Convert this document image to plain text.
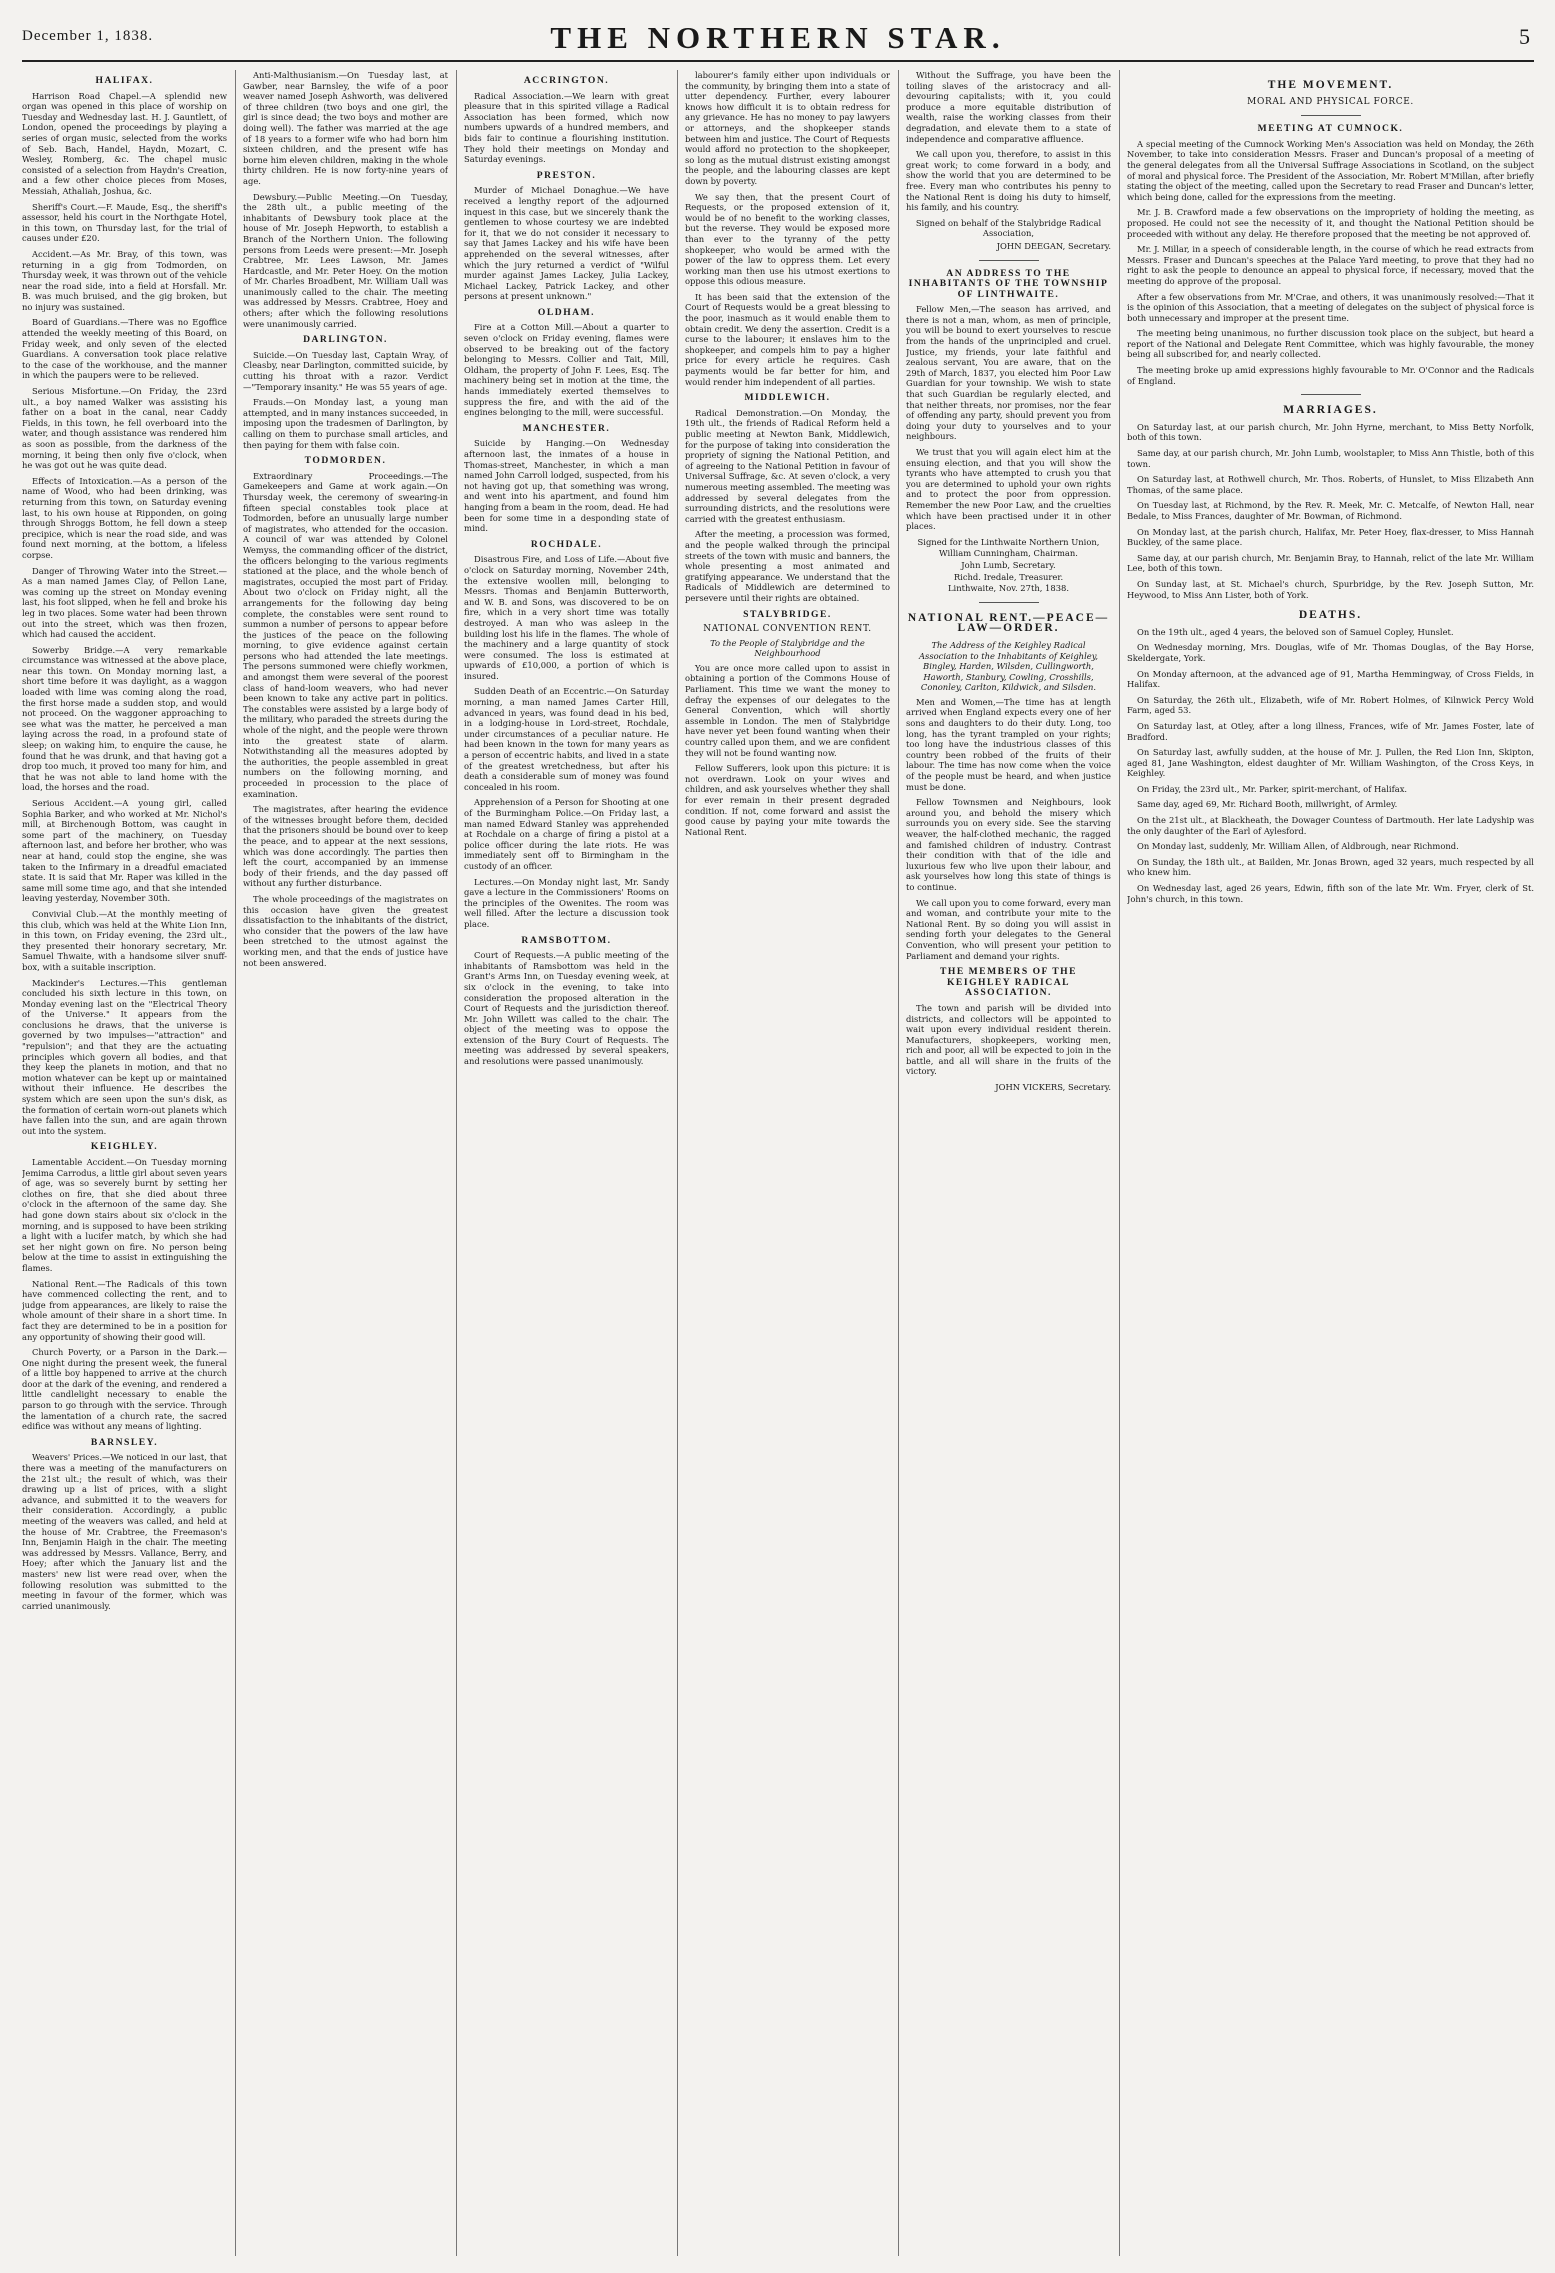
December 1, 1838.	THE NORTHERN STAR.	5
HALIFAX.

Harrison Road Chapel.—A splendid new organ was opened in this place of worship on Tuesday and Wednesday last. H. J. Gauntlett, of London, opened the proceedings by playing a series of organ music, selected from the works of Seb. Bach, Handel, Haydn, Mozart, C. Wesley, Romberg, &c. The chapel music consisted of a selection from Haydn's Creation, and a few other choice pieces from Moses, Messiah, Athaliah, Joshua, &c.

Sheriff's Court.—F. Maude, Esq., the sheriff's assessor, held his court in the Northgate Hotel, in this town, on Thursday last, for the trial of causes under £20.

Accident.—As Mr. Bray, of this town, was returning in a gig from Todmorden, on Thursday week, it was thrown out of the vehicle near the road side, into a field at Horsfall. Mr. B. was much bruised, and the gig broken, but no injury was sustained.

Board of Guardians.—There was no Egoffice attended the weekly meeting of this Board, on Friday week, and only seven of the elected Guardians. A conversation took place relative to the case of the workhouse, and the manner in which the paupers were to be relieved.

Serious Misfortune.—On Friday, the 23rd ult., a boy named Walker was assisting his father on a boat in the canal, near Caddy Fields, in this town, he fell overboard into the water, and though assistance was rendered him as soon as possible, from the darkness of the morning, it being then only five o'clock, when he was got out he was quite dead.

Effects of Intoxication.—As a person of the name of Wood, who had been drinking, was returning from this town, on Saturday evening last, to his own house at Ripponden, on going through Shroggs Bottom, he fell down a steep precipice, which is near the road side, and was found next morning, at the bottom, a lifeless corpse.

Danger of Throwing Water into the Street.—As a man named James Clay, of Pellon Lane, was coming up the street on Monday evening last, his foot slipped, when he fell and broke his leg in two places. Some water had been thrown out into the street, which was then frozen, which had caused the accident.

Sowerby Bridge.—A very remarkable circumstance was witnessed at the above place, near this town. On Monday morning last, a short time before it was daylight, as a waggon loaded with lime was coming along the road, the first horse made a sudden stop, and would not proceed. On the waggoner approaching to see what was the matter, he perceived a man laying across the road, in a profound state of sleep; on waking him, to enquire the cause, he found that he was drunk, and that having got a drop too much, it proved too many for him, and that he was not able to land home with the load, the horses and the road.

Serious Accident.—A young girl, called Sophia Barker, and who worked at Mr. Nichol's mill, at Birchenough Bottom, was caught in some part of the machinery, on Tuesday afternoon last, and before her brother, who was near at hand, could stop the engine, she was taken to the Infirmary in a dreadful emaciated state. It is said that Mr. Raper was killed in the same mill some time ago, and that she intended leaving yesterday, November 30th.

Convivial Club.—At the monthly meeting of this club, which was held at the White Lion Inn, in this town, on Friday evening, the 23rd ult., they presented their honorary secretary, Mr. Samuel Thwaite, with a handsome silver snuff-box, with a suitable inscription.

Mackinder's Lectures.—This gentleman concluded his sixth lecture in this town, on Monday evening last on the "Electrical Theory of the Universe." It appears from the conclusions he draws, that the universe is governed by two impulses—"attraction" and "repulsion"; and that they are the actuating principles which govern all bodies, and that they keep the planets in motion, and that no motion whatever can be kept up or maintained without their influence. He describes the system which are seen upon the sun's disk, as the formation of certain worn-out planets which have fallen into the sun, and are again thrown out into the system.

KEIGHLEY.

Lamentable Accident.—On Tuesday morning Jemima Carrodus, a little girl about seven years of age, was so severely burnt by setting her clothes on fire, that she died about three o'clock in the afternoon of the same day. She had gone down stairs about six o'clock in the morning, and is supposed to have been striking a light with a lucifer match, by which she had set her night gown on fire. No person being below at the time to assist in extinguishing the flames.

National Rent.—The Radicals of this town have commenced collecting the rent, and to judge from appearances, are likely to raise the whole amount of their share in a short time. In fact they are determined to be in a position for any opportunity of showing their good will.

Church Poverty, or a Parson in the Dark.—One night during the present week, the funeral of a little boy happened to arrive at the church door at the dark of the evening, and rendered a little candlelight necessary to enable the parson to go through with the service. Through the lamentation of a church rate, the sacred edifice was without any means of lighting.

BARNSLEY.

Weavers' Prices.—We noticed in our last, that there was a meeting of the manufacturers on the 21st ult.; the result of which, was their drawing up a list of prices, with a slight advance, and submitted it to the weavers for their consideration. Accordingly, a public meeting of the weavers was called, and held at the house of Mr. Crabtree, the Freemason's Inn, Benjamin Haigh in the chair. The meeting was addressed by Messrs. Vallance, Berry, and Hoey; after which the January list and the masters' new list were read over, when the following resolution was submitted to the meeting in favour of the former, which was carried unanimously.

Anti-Malthusianism.—On Tuesday last, at Gawber, near Barnsley, the wife of a poor weaver named Joseph Ashworth, was delivered of three children (two boys and one girl, the girl is since dead; the two boys and mother are doing well). The father was married at the age of 18 years to a former wife who had born him sixteen children, and the present wife has borne him eleven children, making in the whole thirty children. He is now forty-nine years of age.

Dewsbury.—Public Meeting.—On Tuesday, the 28th ult., a public meeting of the inhabitants of Dewsbury took place at the house of Mr. Joseph Hepworth, to establish a Branch of the Northern Union. The following persons from Leeds were present:—Mr. Joseph Crabtree, Mr. Lees Lawson, Mr. James Hardcastle, and Mr. Peter Hoey. On the motion of Mr. Charles Broadbent, Mr. William Uall was unanimously called to the chair. The meeting was addressed by Messrs. Crabtree, Hoey and others; after which the following resolutions were unanimously carried.

DARLINGTON.

Suicide.—On Tuesday last, Captain Wray, of Cleasby, near Darlington, committed suicide, by cutting his throat with a razor. Verdict—"Temporary insanity." He was 55 years of age.

Frauds.—On Monday last, a young man attempted, and in many instances succeeded, in imposing upon the tradesmen of Darlington, by calling on them to purchase small articles, and then paying for them with false coin.

TODMORDEN.

Extraordinary Proceedings.—The Gamekeepers and Game at work again.—On Thursday week, the ceremony of swearing-in fifteen special constables took place at Todmorden, before an unusually large number of magistrates, who attended for the occasion. A council of war was attended by Colonel Wemyss, the commanding officer of the district, the officers belonging to the various regiments stationed at the place, and the whole bench of magistrates, occupied the most part of Friday. About two o'clock on Friday night, all the arrangements for the following day being complete, the constables were sent round to summon a number of persons to appear before the justices of the peace on the following morning, to give evidence against certain persons who had attended the late meetings. The persons summoned were chiefly workmen, and amongst them were several of the poorest class of hand-loom weavers, who had never been known to take any active part in politics. The constables were assisted by a large body of the military, who paraded the streets during the whole of the night, and the people were thrown into the greatest state of alarm. Notwithstanding all the measures adopted by the authorities, the people assembled in great numbers on the following morning, and proceeded in procession to the place of examination.

The magistrates, after hearing the evidence of the witnesses brought before them, decided that the prisoners should be bound over to keep the peace, and to appear at the next sessions, which was done accordingly. The parties then left the court, accompanied by an immense body of their friends, and the day passed off without any further disturbance.

The whole proceedings of the magistrates on this occasion have given the greatest dissatisfaction to the inhabitants of the district, who consider that the powers of the law have been stretched to the utmost against the working men, and that the ends of justice have not been answered.

ACCRINGTON.

Radical Association.—We learn with great pleasure that in this spirited village a Radical Association has been formed, which now numbers upwards of a hundred members, and bids fair to continue a flourishing institution. They hold their meetings on Monday and Saturday evenings.

PRESTON.

Murder of Michael Donaghue.—We have received a lengthy report of the adjourned inquest in this case, but we sincerely thank the gentlemen to whose courtesy we are indebted for it, that we do not consider it necessary to say that James Lackey and his wife have been apprehended on the several witnesses, after which the jury returned a verdict of "Wilful murder against James Lackey, Julia Lackey, Michael Lackey, Patrick Lackey, and other persons at present unknown."

OLDHAM.

Fire at a Cotton Mill.—About a quarter to seven o'clock on Friday evening, flames were observed to be breaking out of the factory belonging to Messrs. Collier and Tait, Mill, Oldham, the property of John F. Lees, Esq. The machinery being set in motion at the time, the hands immediately exerted themselves to suppress the fire, and with the aid of the engines belonging to the mill, were successful.

MANCHESTER.

Suicide by Hanging.—On Wednesday afternoon last, the inmates of a house in Thomas-street, Manchester, in which a man named John Carroll lodged, suspected, from his not having got up, that something was wrong, and went into his apartment, and found him hanging from a beam in the room, dead. He had been for some time in a desponding state of mind.

ROCHDALE.

Disastrous Fire, and Loss of Life.—About five o'clock on Saturday morning, November 24th, the extensive woollen mill, belonging to Messrs. Thomas and Benjamin Butterworth, and W. B. and Sons, was discovered to be on fire, which in a very short time was totally destroyed. A man who was asleep in the building lost his life in the flames. The whole of the machinery and a large quantity of stock were consumed. The loss is estimated at upwards of £10,000, a portion of which is insured.

Sudden Death of an Eccentric.—On Saturday morning, a man named James Carter Hill, advanced in years, was found dead in his bed, in a lodging-house in Lord-street, Rochdale, under circumstances of a peculiar nature. He had been known in the town for many years as a person of eccentric habits, and lived in a state of the greatest wretchedness, but after his death a considerable sum of money was found concealed in his room.

Apprehension of a Person for Shooting at one of the Burmingham Police.—On Friday last, a man named Edward Stanley was apprehended at Rochdale on a charge of firing a pistol at a police officer during the late riots. He was immediately sent off to Birmingham in the custody of an officer.

Lectures.—On Monday night last, Mr. Sandy gave a lecture in the Commissioners' Rooms on the principles of the Owenites. The room was well filled. After the lecture a discussion took place.

RAMSBOTTOM.

Court of Requests.—A public meeting of the inhabitants of Ramsbottom was held in the Grant's Arms Inn, on Tuesday evening week, at six o'clock in the evening, to take into consideration the proposed alteration in the Court of Requests and the jurisdiction thereof. Mr. John Willett was called to the chair. The object of the meeting was to oppose the extension of the Bury Court of Requests. The meeting was addressed by several speakers, and resolutions were passed unanimously.

labourer's family either upon individuals or the community, by bringing them into a state of utter dependency. Further, every labourer knows how difficult it is to obtain redress for any grievance. He has no money to pay lawyers or attorneys, and the shopkeeper stands between him and justice. The Court of Requests would afford no protection to the shopkeeper, so long as the mutual distrust existing amongst the people, and the labouring classes are kept down by poverty.

We say then, that the present Court of Requests, or the proposed extension of it, would be of no benefit to the working classes, but the reverse. They would be exposed more than ever to the tyranny of the petty shopkeeper, who would be armed with the power of the law to oppress them. Let every working man then use his utmost exertions to oppose this odious measure.

It has been said that the extension of the Court of Requests would be a great blessing to the poor, inasmuch as it would enable them to obtain credit. We deny the assertion. Credit is a curse to the labourer; it enslaves him to the shopkeeper, and compels him to pay a higher price for every article he requires. Cash payments would be far better for him, and would render him independent of all parties.

MIDDLEWICH.

Radical Demonstration.—On Monday, the 19th ult., the friends of Radical Reform held a public meeting at Newton Bank, Middlewich, for the purpose of taking into consideration the propriety of signing the National Petition, and of agreeing to the National Petition in favour of Universal Suffrage, &c. At seven o'clock, a very numerous meeting assembled. The meeting was addressed by several delegates from the surrounding districts, and the resolutions were carried with the greatest enthusiasm.

After the meeting, a procession was formed, and the people walked through the principal streets of the town with music and banners, the whole presenting a most animated and gratifying appearance. We understand that the Radicals of Middlewich are determined to persevere until their rights are obtained.

STALYBRIDGE.
NATIONAL CONVENTION RENT.
To the People of Stalybridge and the Neighbourhood

You are once more called upon to assist in obtaining a portion of the Commons House of Parliament. This time we want the money to defray the expenses of our delegates to the General Convention, which will shortly assemble in London. The men of Stalybridge have never yet been found wanting when their country called upon them, and we are confident they will not be found wanting now.

Fellow Sufferers, look upon this picture: it is not overdrawn. Look on your wives and children, and ask yourselves whether they shall for ever remain in their present degraded condition. If not, come forward and assist the good cause by paying your mite towards the National Rent.

Without the Suffrage, you have been the toiling slaves of the aristocracy and all-devouring capitalists; with it, you could produce a more equitable distribution of wealth, raise the working classes from their degradation, and elevate them to a state of independence and comparative affluence.

We call upon you, therefore, to assist in this great work; to come forward in a body, and show the world that you are determined to be free. Every man who contributes his penny to the National Rent is doing his duty to himself, his family, and his country.

Signed on behalf of the Stalybridge Radical Association,
JOHN DEEGAN, Secretary.
AN ADDRESS TO THE INHABITANTS OF THE TOWNSHIP OF LINTHWAITE.

Fellow Men,—The season has arrived, and there is not a man, whom, as men of principle, you will be bound to exert yourselves to rescue from the hands of the unprincipled and cruel. Justice, my friends, your late faithful and zealous servant, You are aware, that on the 29th of March, 1837, you elected him Poor Law Guardian for your township. We wish to state that such Guardian be regularly elected, and that neither threats, nor promises, nor the fear of offending any party, should prevent you from doing your duty to yourselves and to your neighbours.

We trust that you will again elect him at the ensuing election, and that you will show the tyrants who have attempted to crush you that you are determined to uphold your own rights and to protect the poor from oppression. Remember the new Poor Law, and the cruelties which have been practised under it in other places.

Signed for the Linthwaite Northern Union,
William Cunningham, Chairman.
John Lumb, Secretary.
Richd. Iredale, Treasurer.
Linthwaite, Nov. 27th, 1838.
NATIONAL RENT.—PEACE—LAW—ORDER.
The Address of the Keighley Radical Association to the Inhabitants of Keighley, Bingley, Harden, Wilsden, Cullingworth, Haworth, Stanbury, Cowling, Crosshills, Cononley, Carlton, Kildwick, and Silsden.

Men and Women,—The time has at length arrived when England expects every one of her sons and daughters to do their duty. Long, too long, has the tyrant trampled on your rights; too long have the industrious classes of this country been robbed of the fruits of their labour. The time has now come when the voice of the people must be heard, and when justice must be done.

Fellow Townsmen and Neighbours, look around you, and behold the misery which surrounds you on every side. See the starving weaver, the half-clothed mechanic, the ragged and famished children of industry. Contrast their condition with that of the idle and luxurious few who live upon their labour, and ask yourselves how long this state of things is to continue.

We call upon you to come forward, every man and woman, and contribute your mite to the National Rent. By so doing you will assist in sending forth your delegates to the General Convention, who will present your petition to Parliament and demand your rights.

THE MEMBERS OF THE KEIGHLEY RADICAL ASSOCIATION.

The town and parish will be divided into districts, and collectors will be appointed to wait upon every individual resident therein. Manufacturers, shopkeepers, working men, rich and poor, all will be expected to join in the battle, and all will share in the fruits of the victory.

JOHN VICKERS, Secretary.
THE MOVEMENT.
MORAL AND PHYSICAL FORCE.
MEETING AT CUMNOCK.

A special meeting of the Cumnock Working Men's Association was held on Monday, the 26th November, to take into consideration Messrs. Fraser and Duncan's proposal of a meeting of the general delegates from all the Universal Suffrage Associations in Scotland, on the subject of moral and physical force. The President of the Association, Mr. Robert M'Millan, after briefly stating the object of the meeting, called upon the Secretary to read Fraser and Duncan's letter, which being done, called for the expressions from the meeting.

Mr. J. B. Crawford made a few observations on the impropriety of holding the meeting, as proposed. He could not see the necessity of it, and thought the National Petition should be proceeded with without any delay. He therefore proposed that the meeting be not approved of.

Mr. J. Millar, in a speech of considerable length, in the course of which he read extracts from Messrs. Fraser and Duncan's speeches at the Palace Yard meeting, to prove that they had no right to ask the people to denounce an appeal to physical force, if necessary, moved that the meeting do approve of the proposal.

After a few observations from Mr. M'Crae, and others, it was unanimously resolved:—That it is the opinion of this Association, that a meeting of delegates on the subject of physical force is both unnecessary and improper at the present time.

The meeting being unanimous, no further discussion took place on the subject, but heard a report of the National and Delegate Rent Committee, which was highly favourable, the money being all subscribed for, and nearly collected.

The meeting broke up amid expressions highly favourable to Mr. O'Connor and the Radicals of England.

MARRIAGES.

On Saturday last, at our parish church, Mr. John Hyrne, merchant, to Miss Betty Norfolk, both of this town.

Same day, at our parish church, Mr. John Lumb, woolstapler, to Miss Ann Thistle, both of this town.

On Saturday last, at Rothwell church, Mr. Thos. Roberts, of Hunslet, to Miss Elizabeth Ann Thomas, of the same place.

On Tuesday last, at Richmond, by the Rev. R. Meek, Mr. C. Metcalfe, of Newton Hall, near Bedale, to Miss Frances, daughter of Mr. Bowman, of Richmond.

On Monday last, at the parish church, Halifax, Mr. Peter Hoey, flax-dresser, to Miss Hannah Buckley, of the same place.

Same day, at our parish church, Mr. Benjamin Bray, to Hannah, relict of the late Mr. William Lee, both of this town.

On Sunday last, at St. Michael's church, Spurbridge, by the Rev. Joseph Sutton, Mr. Heywood, to Miss Ann Lister, both of York.

DEATHS.

On the 19th ult., aged 4 years, the beloved son of Samuel Copley, Hunslet.

On Wednesday morning, Mrs. Douglas, wife of Mr. Thomas Douglas, of the Bay Horse, Skeldergate, York.

On Monday afternoon, at the advanced age of 91, Martha Hemmingway, of Cross Fields, in Halifax.

On Saturday, the 26th ult., Elizabeth, wife of Mr. Robert Holmes, of Kilnwick Percy Wold Farm, aged 53.

On Saturday last, at Otley, after a long illness, Frances, wife of Mr. James Foster, late of Bradford.

On Saturday last, awfully sudden, at the house of Mr. J. Pullen, the Red Lion Inn, Skipton, aged 81, Jane Washington, eldest daughter of Mr. William Washington, of the Cross Keys, in Keighley.

On Friday, the 23rd ult., Mr. Parker, spirit-merchant, of Halifax.

Same day, aged 69, Mr. Richard Booth, millwright, of Armley.

On the 21st ult., at Blackheath, the Dowager Countess of Dartmouth. Her late Ladyship was the only daughter of the Earl of Aylesford.

On Monday last, suddenly, Mr. William Allen, of Aldbrough, near Richmond.

On Sunday, the 18th ult., at Bailden, Mr. Jonas Brown, aged 32 years, much respected by all who knew him.

On Wednesday last, aged 26 years, Edwin, fifth son of the late Mr. Wm. Fryer, clerk of St. John's church, in this town.
